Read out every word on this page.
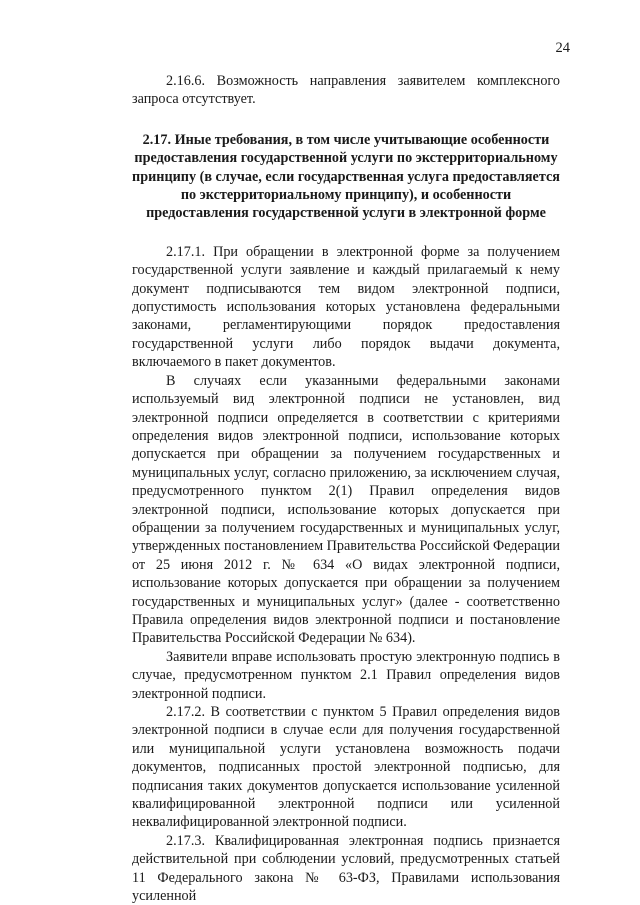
24

2.16.6. Возможность направления заявителем комплексного запроса отсутствует.

2.17. Иные требования, в том числе учитывающие особенности предоставления государственной услуги по экстерриториальному принципу (в случае, если государственная услуга предоставляется по экстерриториальному принципу), и особенности предоставления государственной услуги в электронной форме

2.17.1. При обращении в электронной форме за получением государственной услуги заявление и каждый прилагаемый к нему документ подписываются тем видом электронной подписи, допустимость использования которых установлена федеральными законами, регламентирующими порядок предоставления государственной услуги либо порядок выдачи документа, включаемого в пакет документов.

В случаях если указанными федеральными законами используемый вид электронной подписи не установлен, вид электронной подписи определяется в соответствии с критериями определения видов электронной подписи, использование которых допускается при обращении за получением государственных и муниципальных услуг, согласно приложению, за исключением случая, предусмотренного пунктом 2(1) Правил определения видов электронной подписи, использование которых допускается при обращении за получением государственных и муниципальных услуг, утвержденных постановлением Правительства Российской Федерации от 25 июня 2012 г. № 634 «О видах электронной подписи, использование которых допускается при обращении за получением государственных и муниципальных услуг» (далее - соответственно Правила определения видов электронной подписи и постановление Правительства Российской Федерации № 634).

Заявители вправе использовать простую электронную подпись в случае, предусмотренном пунктом 2.1 Правил определения видов электронной подписи.

2.17.2. В соответствии с пунктом 5 Правил определения видов электронной подписи в случае если для получения государственной или муниципальной услуги установлена возможность подачи документов, подписанных простой электронной подписью, для подписания таких документов допускается использование усиленной квалифицированной электронной подписи или усиленной неквалифицированной электронной подписи.

2.17.3. Квалифицированная электронная подпись признается действительной при соблюдении условий, предусмотренных статьей 11 Федерального закона № 63-ФЗ, Правилами использования усиленной
